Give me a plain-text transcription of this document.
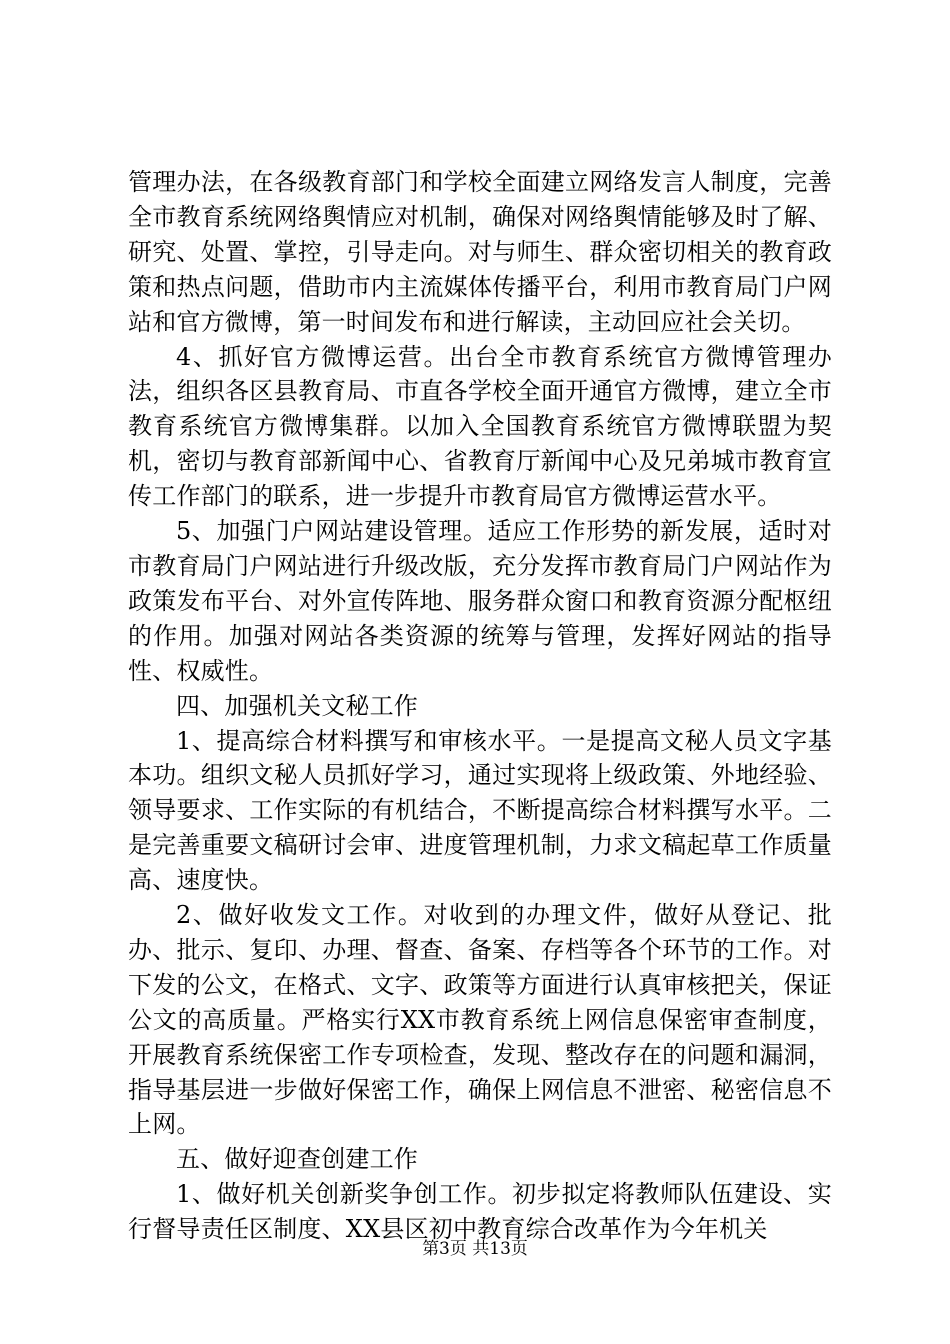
管理办法，在各级教育部门和学校全面建立网络发言人制度，完善全市教育系统网络舆情应对机制，确保对网络舆情能够及时了解、研究、处置、掌控，引导走向。对与师生、群众密切相关的教育政策和热点问题，借助市内主流媒体传播平台，利用市教育局门户网站和官方微博，第一时间发布和进行解读，主动回应社会关切。

4、抓好官方微博运营。出台全市教育系统官方微博管理办法，组织各区县教育局、市直各学校全面开通官方微博，建立全市教育系统官方微博集群。以加入全国教育系统官方微博联盟为契机，密切与教育部新闻中心、省教育厅新闻中心及兄弟城市教育宣传工作部门的联系，进一步提升市教育局官方微博运营水平。

5、加强门户网站建设管理。适应工作形势的新发展，适时对市教育局门户网站进行升级改版，充分发挥市教育局门户网站作为政策发布平台、对外宣传阵地、服务群众窗口和教育资源分配枢纽的作用。加强对网站各类资源的统筹与管理，发挥好网站的指导性、权威性。

四、加强机关文秘工作

1、提高综合材料撰写和审核水平。一是提高文秘人员文字基本功。组织文秘人员抓好学习，通过实现将上级政策、外地经验、领导要求、工作实际的有机结合，不断提高综合材料撰写水平。二是完善重要文稿研讨会审、进度管理机制，力求文稿起草工作质量高、速度快。

2、做好收发文工作。对收到的办理文件，做好从登记、批办、批示、复印、办理、督查、备案、存档等各个环节的工作。对下发的公文，在格式、文字、政策等方面进行认真审核把关，保证公文的高质量。严格实行XX市教育系统上网信息保密审查制度，开展教育系统保密工作专项检查，发现、整改存在的问题和漏洞，指导基层进一步做好保密工作，确保上网信息不泄密、秘密信息不上网。

五、做好迎查创建工作

1、做好机关创新奖争创工作。初步拟定将教师队伍建设、实行督导责任区制度、XX县区初中教育综合改革作为今年机关

第3页 共13页
